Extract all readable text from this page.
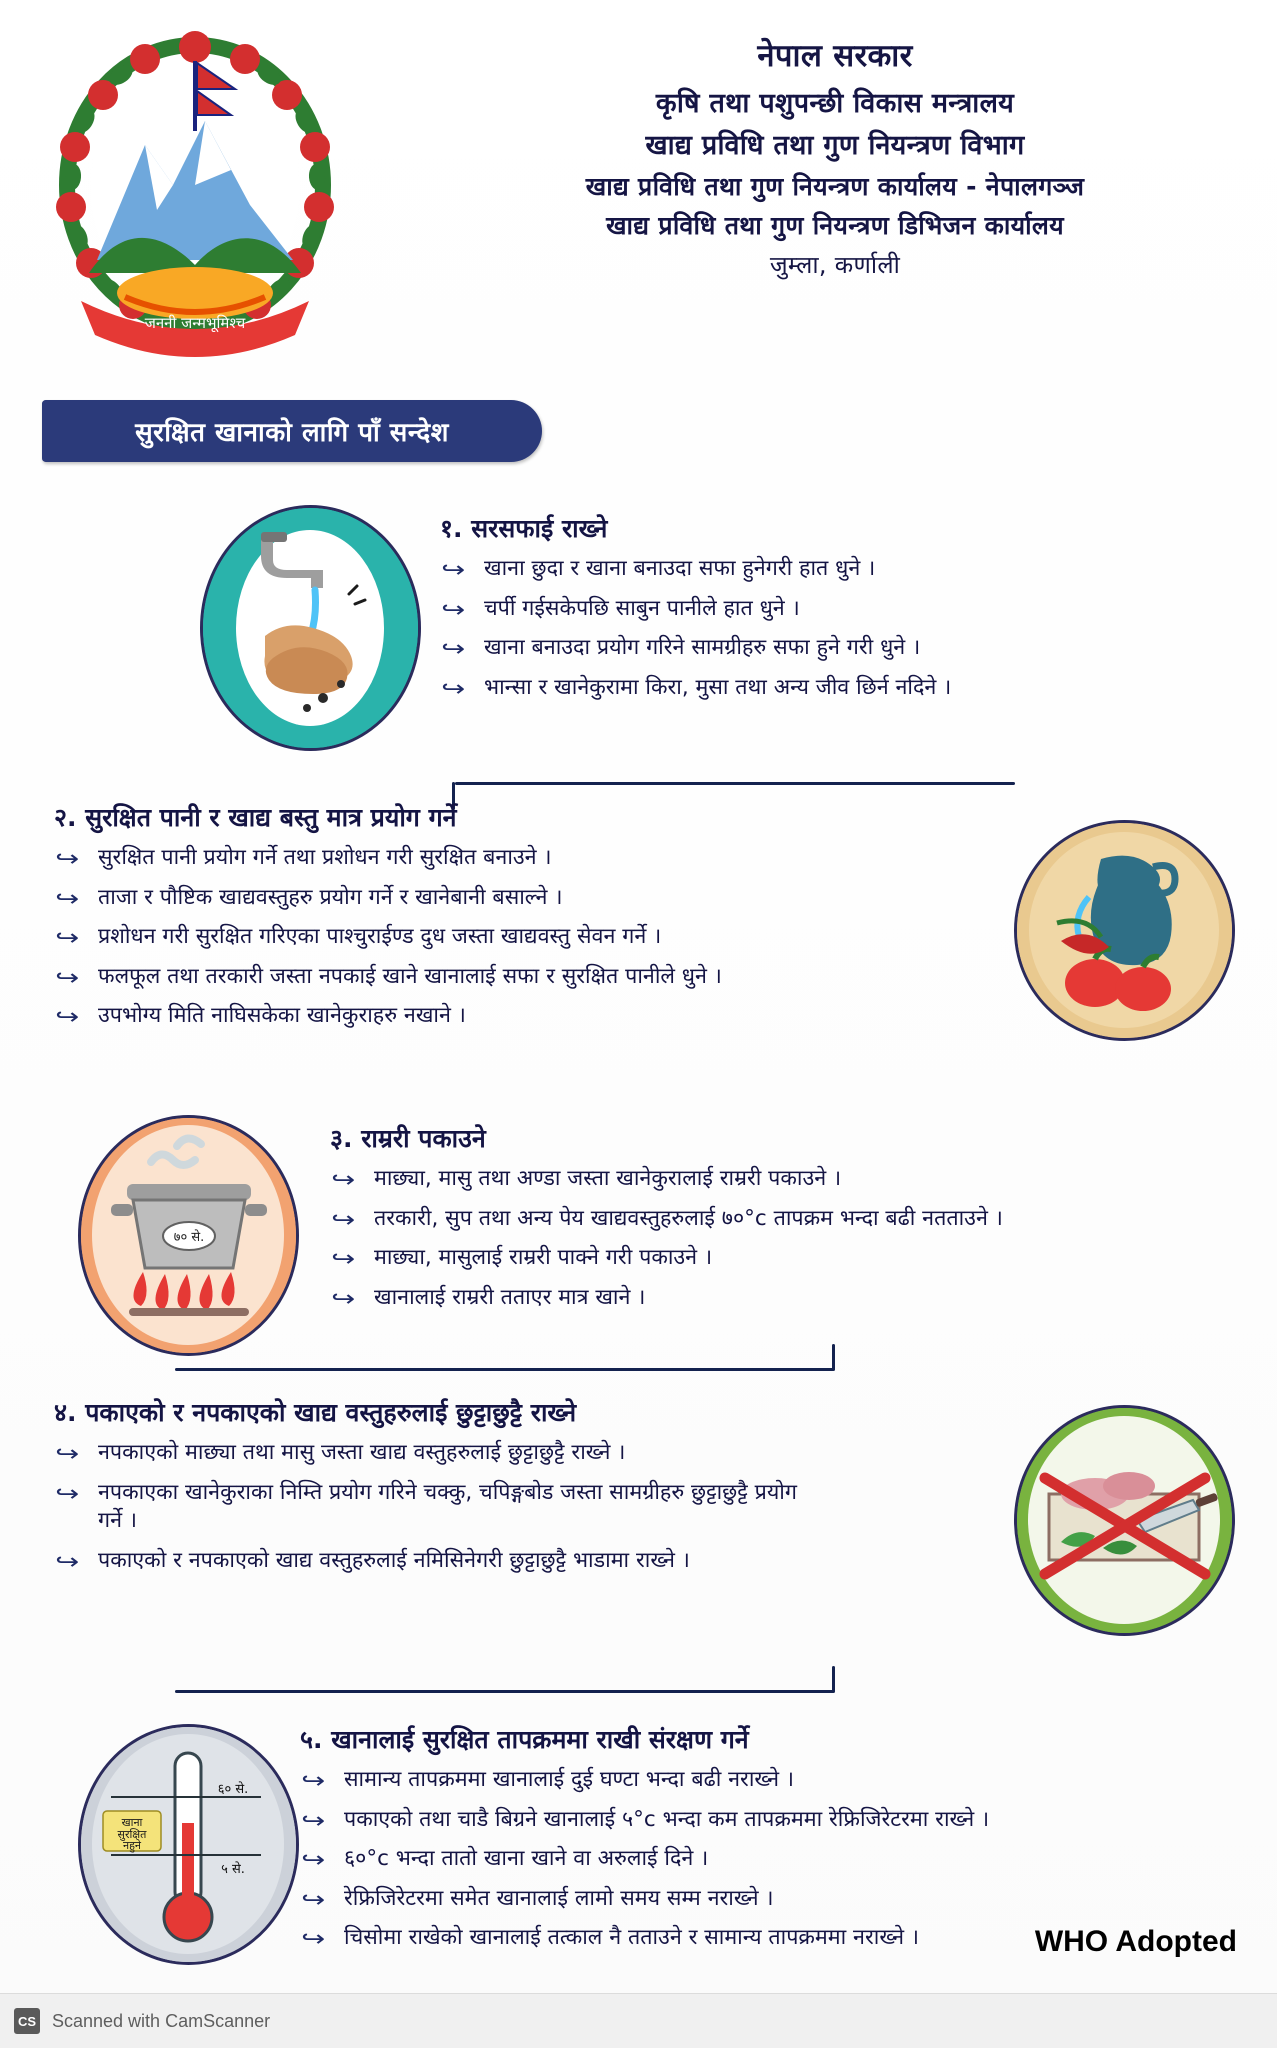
जननी जन्मभूमिश्च
नेपाल सरकार
कृषि तथा पशुपन्छी विकास मन्त्रालय
खाद्य प्रविधि तथा गुण नियन्त्रण विभाग
खाद्य प्रविधि तथा गुण नियन्त्रण कार्यालय - नेपालगञ्ज
खाद्य प्रविधि तथा गुण नियन्त्रण डिभिजन कार्यालय
जुम्ला, कर्णाली
सुरक्षित खानाको लागि पाँ सन्देश
१. सरसफाई राख्ने
↪ खाना छुदा र खाना बनाउदा सफा हुनेगरी हात धुने ।
↪ चर्पी गईसकेपछि साबुन पानीले हात धुने ।
↪ खाना बनाउदा प्रयोग गरिने सामग्रीहरु सफा हुने गरी धुने ।
↪ भान्सा र खानेकुरामा किरा, मुसा तथा अन्य जीव छिर्न नदिने ।
२. सुरक्षित पानी र खाद्य बस्तु मात्र प्रयोग गर्ने
↪ सुरक्षित पानी प्रयोग गर्ने तथा प्रशोधन गरी सुरक्षित बनाउने ।
↪ ताजा र पौष्टिक खाद्यवस्तुहरु प्रयोग गर्ने र खानेबानी बसाल्ने ।
↪ प्रशोधन गरी सुरक्षित गरिएका पाश्चुराईण्ड दुध जस्ता खाद्यवस्तु सेवन गर्ने ।
↪ फलफूल तथा तरकारी जस्ता नपकाई खाने खानालाई सफा र सुरक्षित पानीले धुने ।
↪ उपभोग्य मिति नाघिसकेका खानेकुराहरु नखाने ।
७० से.
३. राम्ररी पकाउने
↪ माछ्या, मासु तथा अण्डा जस्ता खानेकुरालाई राम्ररी पकाउने ।
↪ तरकारी, सुप तथा अन्य पेय खाद्यवस्तुहरुलाई ७०°c तापक्रम भन्दा बढी नतताउने ।
↪ माछ्या, मासुलाई राम्ररी पाक्ने गरी पकाउने ।
↪ खानालाई राम्ररी तताएर मात्र खाने ।
४. पकाएको र नपकाएको खाद्य वस्तुहरुलाई छुट्टाछुट्टै राख्ने
↪ नपकाएको माछ्या तथा मासु जस्ता खाद्य वस्तुहरुलाई छुट्टाछुट्टै राख्ने ।
↪ नपकाएका खानेकुराका निम्ति प्रयोग गरिने चक्कु, चपिङ्गबोड जस्ता सामग्रीहरु छुट्टाछुट्टै प्रयोग गर्ने ।
↪ पकाएको र नपकाएको खाद्य वस्तुहरुलाई नमिसिनेगरी छुट्टाछुट्टै भाडामा राख्ने ।
खाना
सुरक्षित
नहुने
६० से.
५ से.
५. खानालाई सुरक्षित तापक्रममा राखी संरक्षण गर्ने
↪ सामान्य तापक्रममा खानालाई दुई घण्टा भन्दा बढी नराख्ने ।
↪ पकाएको तथा चाडै बिग्रने खानालाई ५°c भन्दा कम तापक्रममा रेफ्रिजिरेटरमा राख्ने ।
↪ ६०°c भन्दा तातो खाना खाने वा अरुलाई दिने ।
↪ रेफ्रिजिरेटरमा समेत खानालाई लामो समय सम्म नराख्ने ।
↪ चिसोमा राखेको खानालाई तत्काल नै तताउने र सामान्य तापक्रममा नराख्ने ।	WHO Adopted
CS Scanned with CamScanner
